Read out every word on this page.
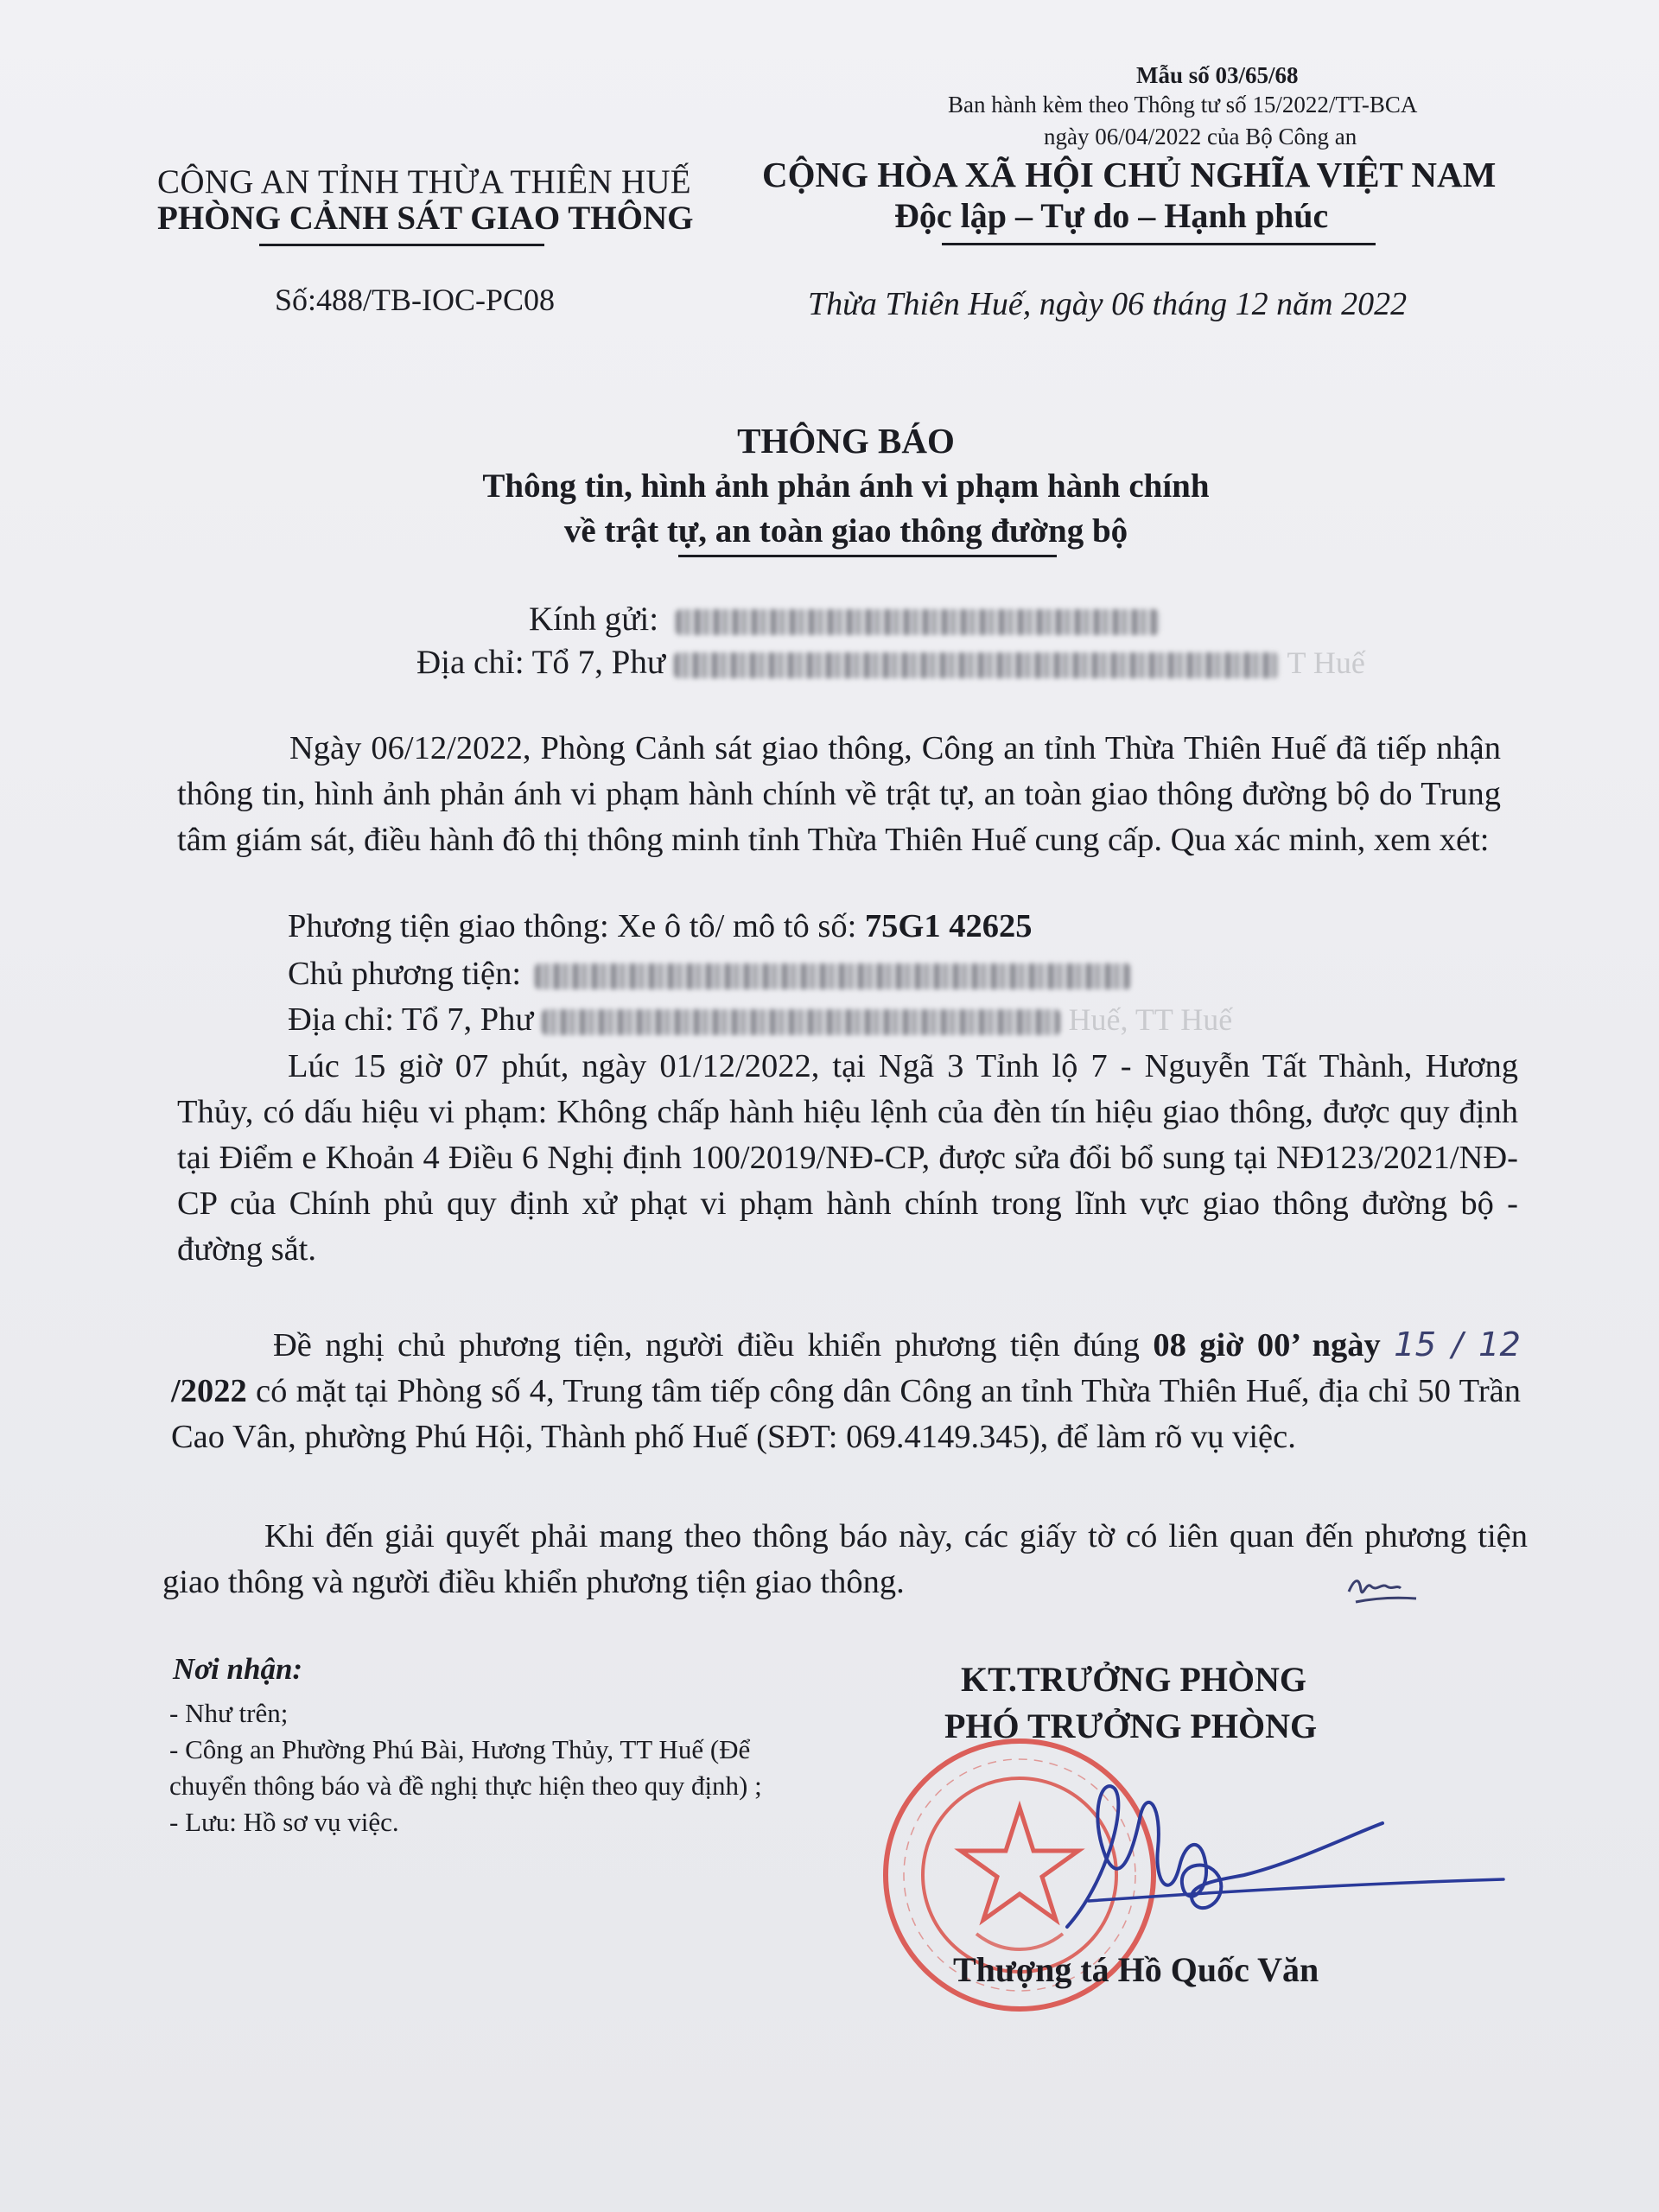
Mẫu số 03/65/68
Ban hành kèm theo Thông tư số 15/2022/TT-BCA
ngày 06/04/2022 của Bộ Công an
CÔNG AN TỈNH THỪA THIÊN HUẾ
PHÒNG CẢNH SÁT GIAO THÔNG
CỘNG HÒA XÃ HỘI CHỦ NGHĨA VIỆT NAM
Độc lập – Tự do – Hạnh phúc
Số:488/TB-IOC-PC08	Thừa Thiên Huế, ngày 06 tháng 12 năm 2022
THÔNG BÁO
Thông tin, hình ảnh phản ánh vi phạm hành chính
về trật tự, an toàn giao thông đường bộ
Kính gửi:
Địa chỉ: Tổ 7, Phư	T Huế
Ngày 06/12/2022, Phòng Cảnh sát giao thông, Công an tỉnh Thừa Thiên Huế đã tiếp nhận thông tin, hình ảnh phản ánh vi phạm hành chính về trật tự, an toàn giao thông đường bộ do Trung tâm giám sát, điều hành đô thị thông minh tỉnh Thừa Thiên Huế cung cấp. Qua xác minh, xem xét:
Phương tiện giao thông: Xe ô tô/ mô tô số: 75G1 42625
Chủ phương tiện:
Địa chỉ: Tổ 7, Phư	Huế, TT Huế
Lúc 15 giờ 07 phút, ngày 01/12/2022, tại Ngã 3 Tỉnh lộ 7 - Nguyễn Tất Thành, Hương Thủy, có dấu hiệu vi phạm: Không chấp hành hiệu lệnh của đèn tín hiệu giao thông, được quy định tại Điểm e Khoản 4 Điều 6 Nghị định 100/2019/NĐ-CP, được sửa đổi bổ sung tại NĐ123/2021/NĐ-CP của Chính phủ quy định xử phạt vi phạm hành chính trong lĩnh vực giao thông đường bộ - đường sắt.
Đề nghị chủ phương tiện, người điều khiển phương tiện đúng 08 giờ 00’ ngày 15 / 12 /2022 có mặt tại Phòng số 4, Trung tâm tiếp công dân Công an tỉnh Thừa Thiên Huế, địa chỉ 50 Trần Cao Vân, phường Phú Hội, Thành phố Huế (SĐT: 069.4149.345), để làm rõ vụ việc.
Khi đến giải quyết phải mang theo thông báo này, các giấy tờ có liên quan đến phương tiện giao thông và người điều khiển phương tiện giao thông.
Nơi nhận:
- Như trên;
- Công an Phường Phú Bài, Hương Thủy, TT Huế (Để chuyển thông báo và đề nghị thực hiện theo quy định) ;
- Lưu: Hồ sơ vụ việc.
KT.TRƯỞNG PHÒNG
PHÓ TRƯỞNG PHÒNG
Thượng tá Hồ Quốc Văn
